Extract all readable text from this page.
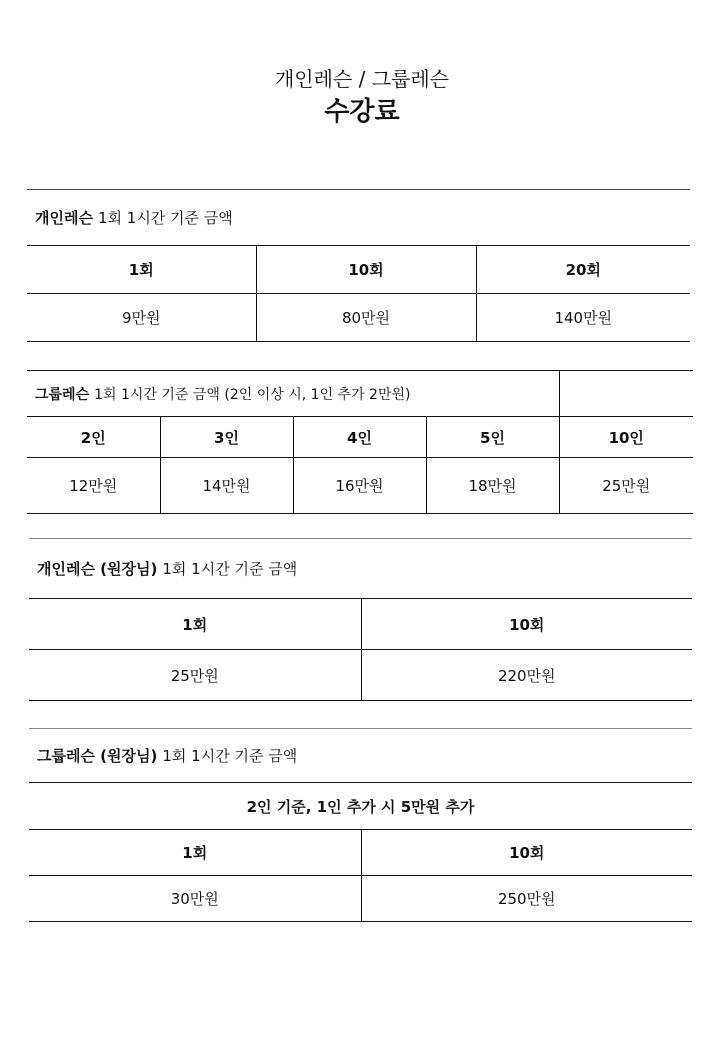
개인레슨 / 그룹레슨
수강료
개인레슨 1회 1시간 기준 금액
1회	10회	20회
9만원	80만원	140만원
그룹레슨 1회 1시간 기준 금액 (2인 이상 시, 1인 추가 2만원)	
2인	3인	4인	5인	10인
12만원	14만원	16만원	18만원	25만원
개인레슨 (원장님) 1회 1시간 기준 금액
1회	10회
25만원	220만원
그룹레슨 (원장님) 1회 1시간 기준 금액
2인 기준, 1인 추가 시 5만원 추가
1회	10회
30만원	250만원
